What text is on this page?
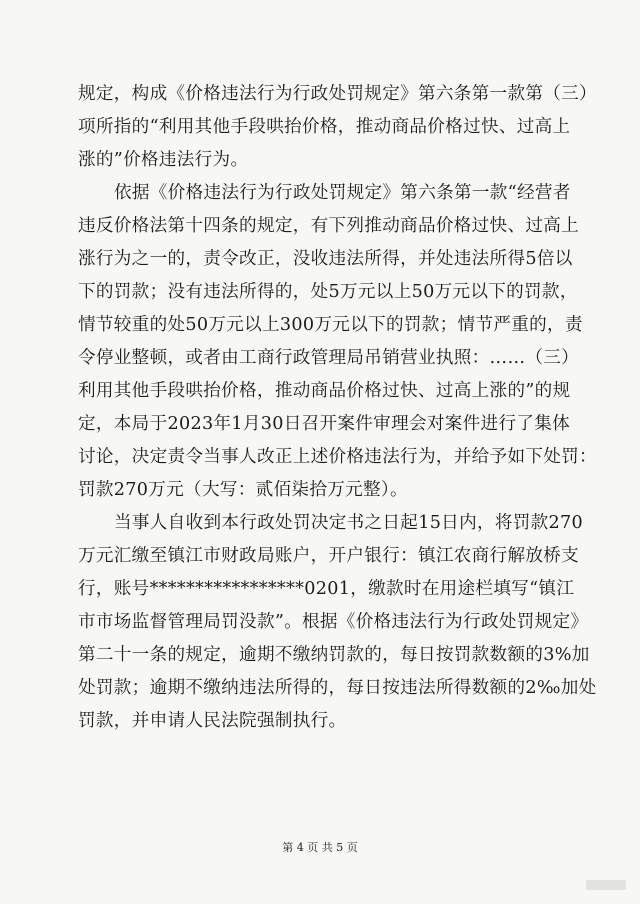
规定，构成《价格违法行为行政处罚规定》第六条第一款第（三）
项所指的“利用其他手段哄抬价格，推动商品价格过快、过高上
涨的”价格违法行为。
依据《价格违法行为行政处罚规定》第六条第一款“经营者
违反价格法第十四条的规定，有下列推动商品价格过快、过高上
涨行为之一的，责令改正，没收违法所得，并处违法所得5倍以
下的罚款；没有违法所得的，处5万元以上50万元以下的罚款，
情节较重的处50万元以上300万元以下的罚款；情节严重的，责
令停业整顿，或者由工商行政管理局吊销营业执照：……（三）
利用其他手段哄抬价格，推动商品价格过快、过高上涨的”的规
定，本局于2023年1月30日召开案件审理会对案件进行了集体
讨论，决定责令当事人改正上述价格违法行为，并给予如下处罚：
罚款270万元（大写：贰佰柒拾万元整）。
当事人自收到本行政处罚决定书之日起15日内，将罚款270
万元汇缴至镇江市财政局账户，开户银行：镇江农商行解放桥支
行，账号*****************0201，缴款时在用途栏填写“镇江
市市场监督管理局罚没款”。根据《价格违法行为行政处罚规定》
第二十一条的规定，逾期不缴纳罚款的，每日按罚款数额的3%加
处罚款；逾期不缴纳违法所得的，每日按违法所得数额的2‰加处
罚款，并申请人民法院强制执行。
第 4 页 共 5 页
